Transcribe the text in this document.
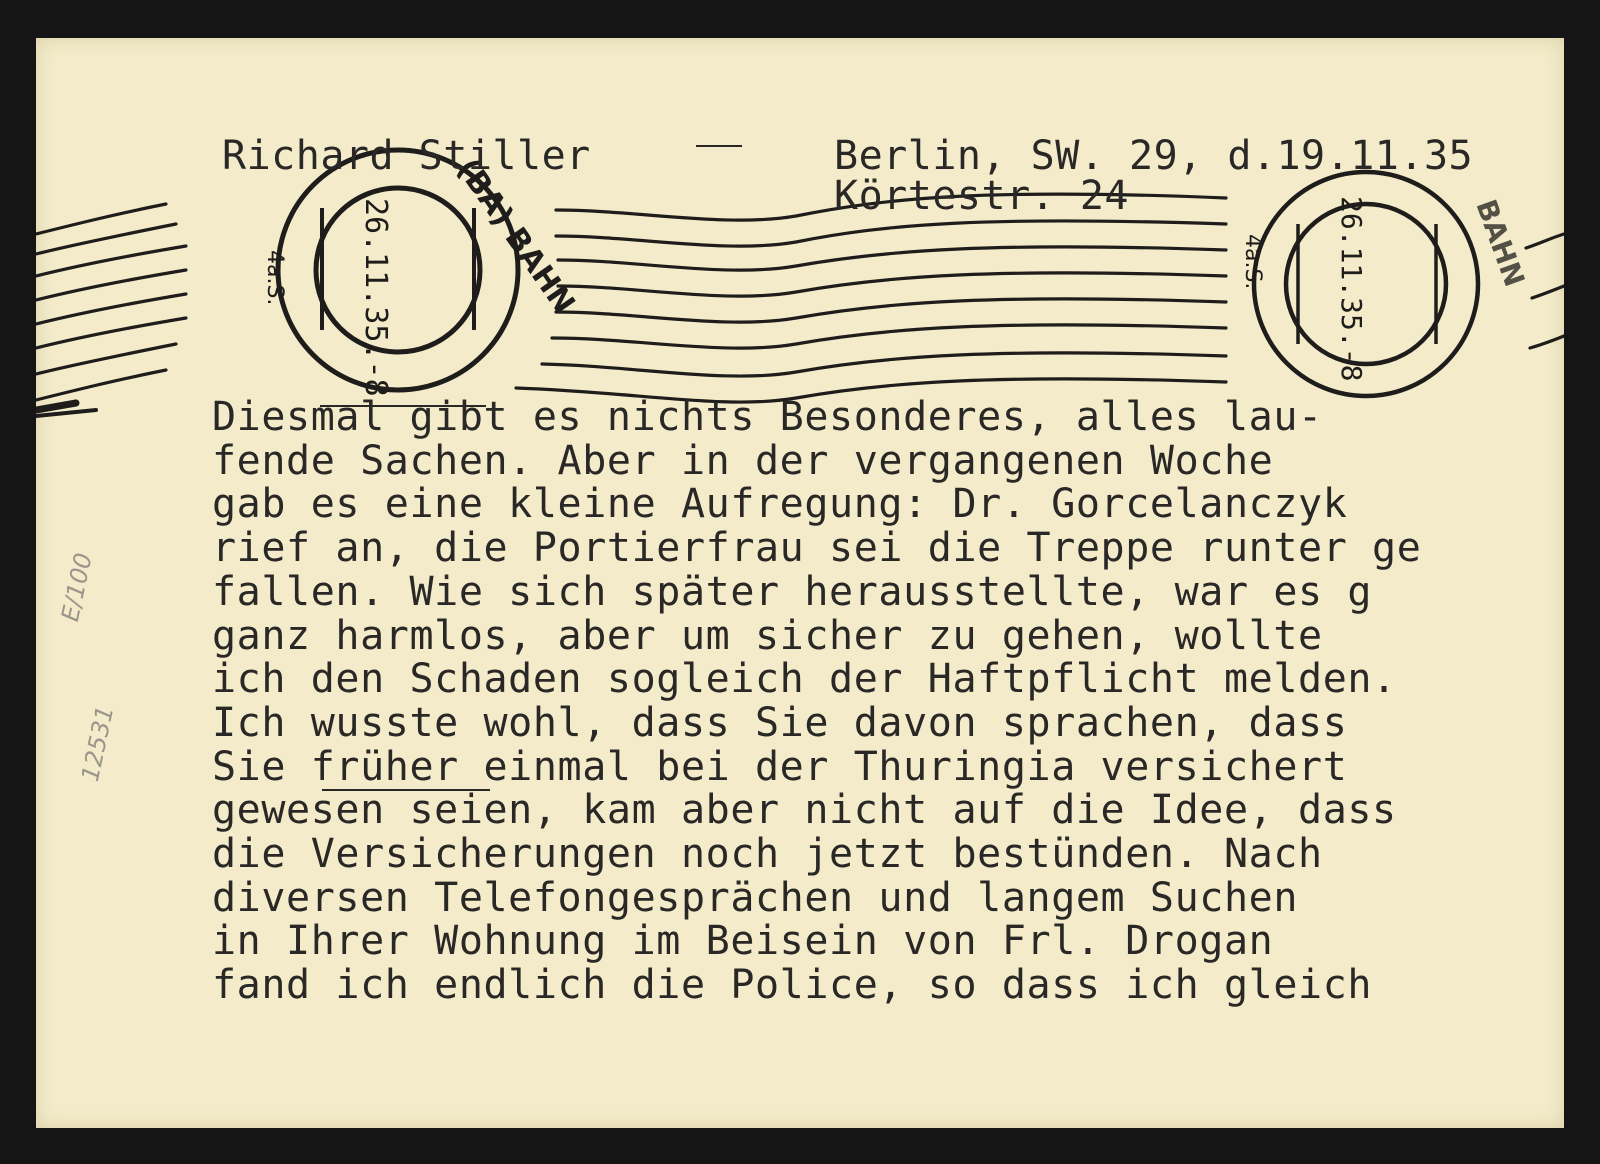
26.11.35.-8
4a.S.	(BA) BAHN	26.11.35.-8
4a.S.	BAHN
Richard Stiller	Berlin, SW. 29, d.19.11.35
Körtestr. 24
Diesmal gibt es nichts Besonderes, alles lau-
fende Sachen. Aber in der vergangenen Woche
gab es eine kleine Aufregung: Dr. Gorcelanczyk
rief an, die Portierfrau sei die Treppe runter ge
fallen. Wie sich später herausstellte, war es g
ganz harmlos, aber um sicher zu gehen, wollte
ich den Schaden sogleich der Haftpflicht melden.
Ich wusste wohl, dass Sie davon sprachen, dass
Sie früher einmal bei der Thuringia versichert
gewesen seien, kam aber nicht auf die Idee, dass
die Versicherungen noch jetzt bestünden. Nach
diversen Telefongesprächen und langem Suchen
in Ihrer Wohnung im Beisein von Frl. Drogan
fand ich endlich die Police, so dass ich gleich
E/100
12531
